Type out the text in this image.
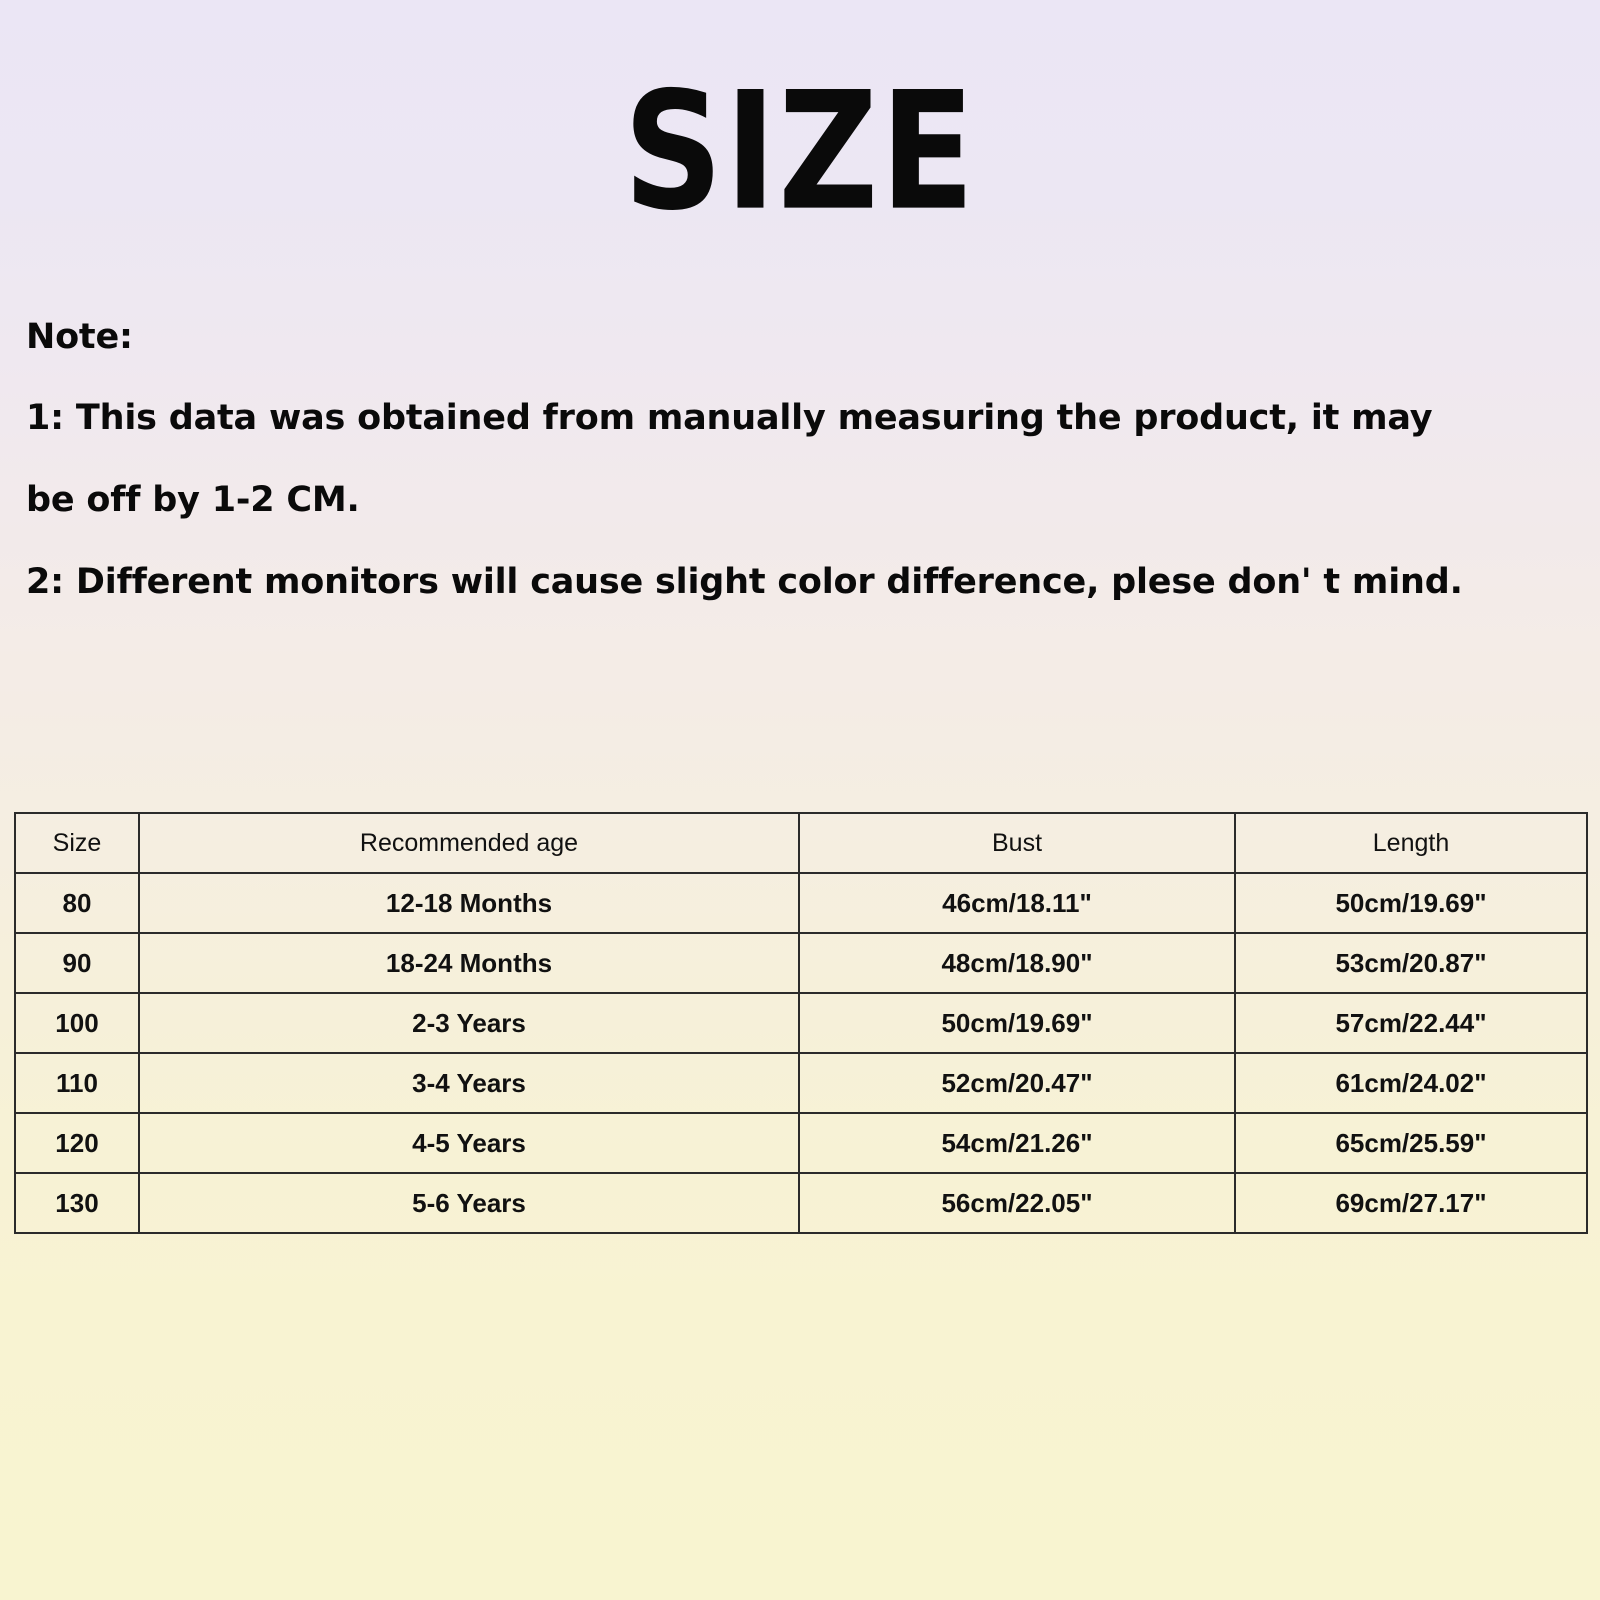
SIZE
Note:
1: This data was obtained from manually measuring the product, it may
be off by 1-2 CM.
2: Different monitors will cause slight color difference, plese don' t mind.
Size	Recommended age	Bust	Length
80	12-18 Months	46cm/18.11"	50cm/19.69"
90	18-24 Months	48cm/18.90"	53cm/20.87"
100	2-3 Years	50cm/19.69"	57cm/22.44"
110	3-4 Years	52cm/20.47"	61cm/24.02"
120	4-5 Years	54cm/21.26"	65cm/25.59"
130	5-6 Years	56cm/22.05"	69cm/27.17"
